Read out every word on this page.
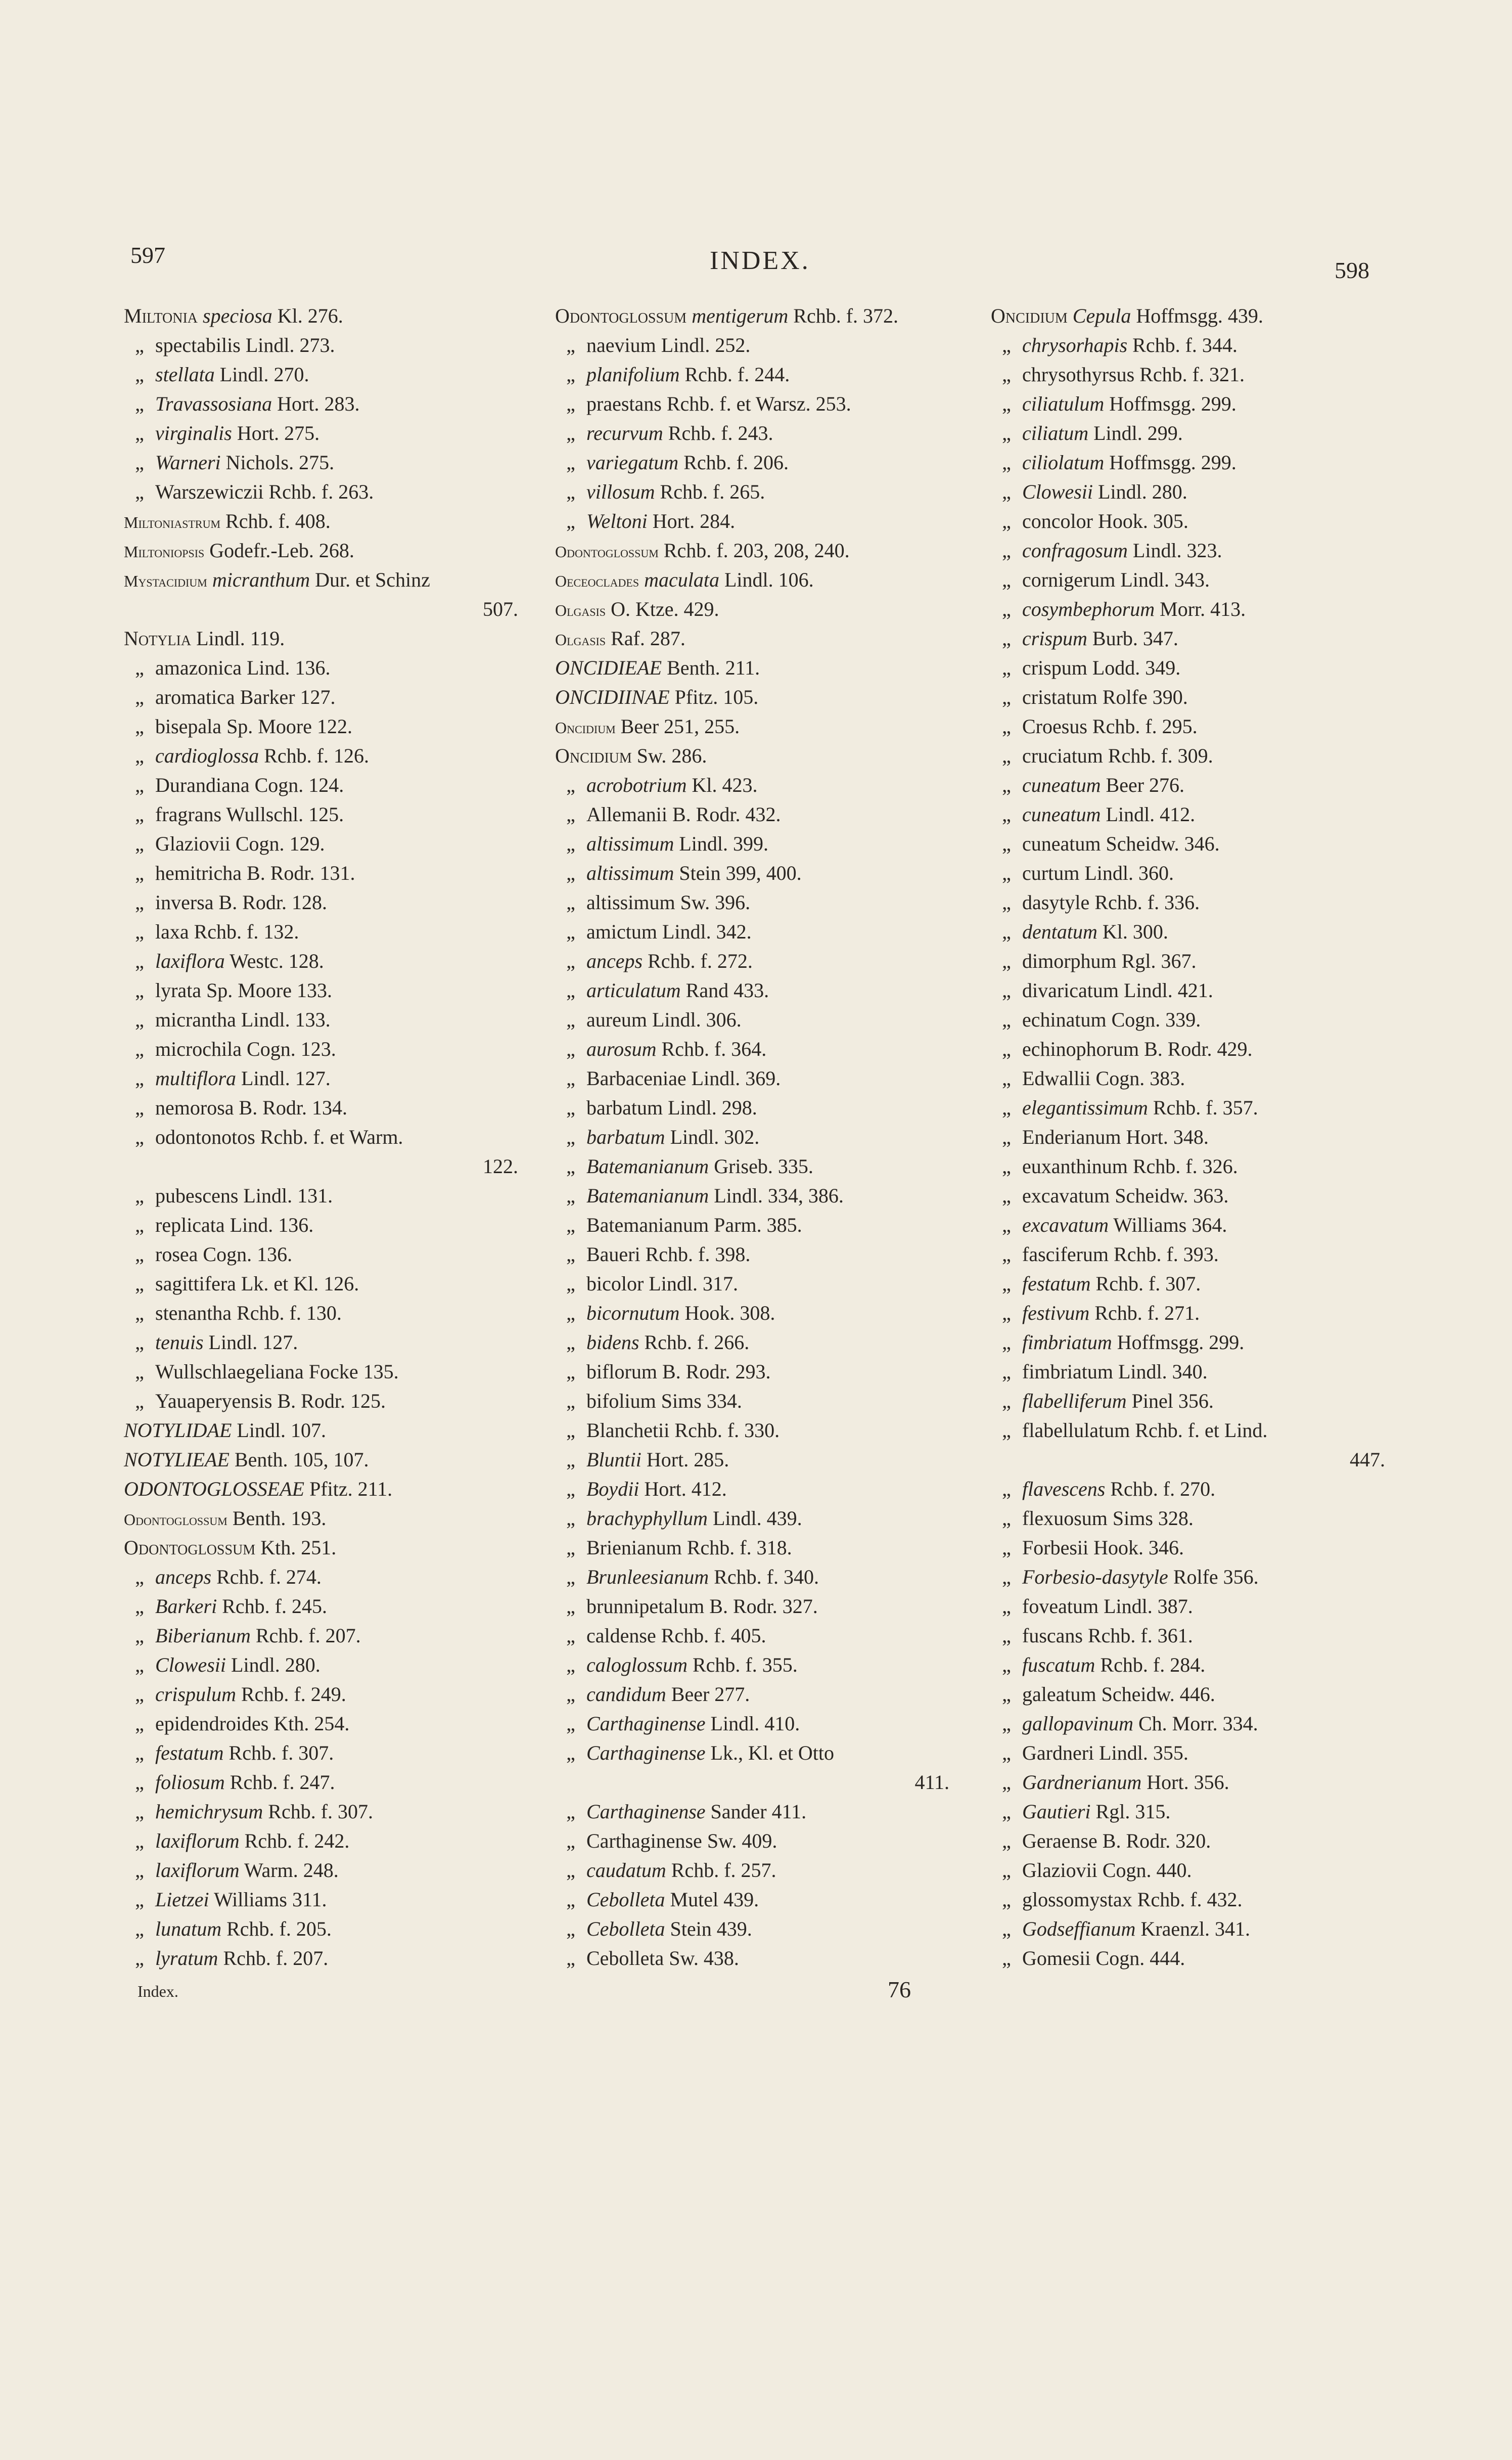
597	INDEX.	598
Miltonia speciosa Kl. 276.
„ spectabilis Lindl. 273.
„ stellata Lindl. 270.
„ Travassosiana Hort. 283.
„ virginalis Hort. 275.
„ Warneri Nichols. 275.
„ Warszewiczii Rchb. f. 263.
Miltoniastrum Rchb. f. 408.
Miltoniopsis Godefr.-Leb. 268.
Mystacidium micranthum Dur. et Schinz
507.
Notylia Lindl. 119.
„ amazonica Lind. 136.
„ aromatica Barker 127.
„ bisepala Sp. Moore 122.
„ cardioglossa Rchb. f. 126.
„ Durandiana Cogn. 124.
„ fragrans Wullschl. 125.
„ Glaziovii Cogn. 129.
„ hemitricha B. Rodr. 131.
„ inversa B. Rodr. 128.
„ laxa Rchb. f. 132.
„ laxiflora Westc. 128.
„ lyrata Sp. Moore 133.
„ micrantha Lindl. 133.
„ microchila Cogn. 123.
„ multiflora Lindl. 127.
„ nemorosa B. Rodr. 134.
„ odontonotos Rchb. f. et Warm.
122.
„ pubescens Lindl. 131.
„ replicata Lind. 136.
„ rosea Cogn. 136.
„ sagittifera Lk. et Kl. 126.
„ stenantha Rchb. f. 130.
„ tenuis Lindl. 127.
„ Wullschlaegeliana Focke 135.
„ Yauaperyensis B. Rodr. 125.
NOTYLIDAE Lindl. 107.
NOTYLIEAE Benth. 105, 107.
ODONTOGLOSSEAE Pfitz. 211.
Odontoglossum Benth. 193.
Odontoglossum Kth. 251.
„ anceps Rchb. f. 274.
„ Barkeri Rchb. f. 245.
„ Biberianum Rchb. f. 207.
„ Clowesii Lindl. 280.
„ crispulum Rchb. f. 249.
„ epidendroides Kth. 254.
„ festatum Rchb. f. 307.
„ foliosum Rchb. f. 247.
„ hemichrysum Rchb. f. 307.
„ laxiflorum Rchb. f. 242.
„ laxiflorum Warm. 248.
„ Lietzei Williams 311.
„ lunatum Rchb. f. 205.
„ lyratum Rchb. f. 207.
Odontoglossum mentigerum Rchb. f. 372.
„ naevium Lindl. 252.
„ planifolium Rchb. f. 244.
„ praestans Rchb. f. et Warsz. 253.
„ recurvum Rchb. f. 243.
„ variegatum Rchb. f. 206.
„ villosum Rchb. f. 265.
„ Weltoni Hort. 284.
Odontoglossum Rchb. f. 203, 208, 240.
Oeceoclades maculata Lindl. 106.
Olgasis O. Ktze. 429.
Olgasis Raf. 287.
ONCIDIEAE Benth. 211.
ONCIDIINAE Pfitz. 105.
Oncidium Beer 251, 255.
Oncidium Sw. 286.
„ acrobotrium Kl. 423.
„ Allemanii B. Rodr. 432.
„ altissimum Lindl. 399.
„ altissimum Stein 399, 400.
„ altissimum Sw. 396.
„ amictum Lindl. 342.
„ anceps Rchb. f. 272.
„ articulatum Rand 433.
„ aureum Lindl. 306.
„ aurosum Rchb. f. 364.
„ Barbaceniae Lindl. 369.
„ barbatum Lindl. 298.
„ barbatum Lindl. 302.
„ Batemanianum Griseb. 335.
„ Batemanianum Lindl. 334, 386.
„ Batemanianum Parm. 385.
„ Baueri Rchb. f. 398.
„ bicolor Lindl. 317.
„ bicornutum Hook. 308.
„ bidens Rchb. f. 266.
„ biflorum B. Rodr. 293.
„ bifolium Sims 334.
„ Blanchetii Rchb. f. 330.
„ Bluntii Hort. 285.
„ Boydii Hort. 412.
„ brachyphyllum Lindl. 439.
„ Brienianum Rchb. f. 318.
„ Brunleesianum Rchb. f. 340.
„ brunnipetalum B. Rodr. 327.
„ caldense Rchb. f. 405.
„ caloglossum Rchb. f. 355.
„ candidum Beer 277.
„ Carthaginense Lindl. 410.
„ Carthaginense Lk., Kl. et Otto
411.
„ Carthaginense Sander 411.
„ Carthaginense Sw. 409.
„ caudatum Rchb. f. 257.
„ Cebolleta Mutel 439.
„ Cebolleta Stein 439.
„ Cebolleta Sw. 438.
Oncidium Cepula Hoffmsgg. 439.
„ chrysorhapis Rchb. f. 344.
„ chrysothyrsus Rchb. f. 321.
„ ciliatulum Hoffmsgg. 299.
„ ciliatum Lindl. 299.
„ ciliolatum Hoffmsgg. 299.
„ Clowesii Lindl. 280.
„ concolor Hook. 305.
„ confragosum Lindl. 323.
„ cornigerum Lindl. 343.
„ cosymbephorum Morr. 413.
„ crispum Burb. 347.
„ crispum Lodd. 349.
„ cristatum Rolfe 390.
„ Croesus Rchb. f. 295.
„ cruciatum Rchb. f. 309.
„ cuneatum Beer 276.
„ cuneatum Lindl. 412.
„ cuneatum Scheidw. 346.
„ curtum Lindl. 360.
„ dasytyle Rchb. f. 336.
„ dentatum Kl. 300.
„ dimorphum Rgl. 367.
„ divaricatum Lindl. 421.
„ echinatum Cogn. 339.
„ echinophorum B. Rodr. 429.
„ Edwallii Cogn. 383.
„ elegantissimum Rchb. f. 357.
„ Enderianum Hort. 348.
„ euxanthinum Rchb. f. 326.
„ excavatum Scheidw. 363.
„ excavatum Williams 364.
„ fasciferum Rchb. f. 393.
„ festatum Rchb. f. 307.
„ festivum Rchb. f. 271.
„ fimbriatum Hoffmsgg. 299.
„ fimbriatum Lindl. 340.
„ flabelliferum Pinel 356.
„ flabellulatum Rchb. f. et Lind.
447.
„ flavescens Rchb. f. 270.
„ flexuosum Sims 328.
„ Forbesii Hook. 346.
„ Forbesio-dasytyle Rolfe 356.
„ foveatum Lindl. 387.
„ fuscans Rchb. f. 361.
„ fuscatum Rchb. f. 284.
„ galeatum Scheidw. 446.
„ gallopavinum Ch. Morr. 334.
„ Gardneri Lindl. 355.
„ Gardnerianum Hort. 356.
„ Gautieri Rgl. 315.
„ Geraense B. Rodr. 320.
„ Glaziovii Cogn. 440.
„ glossomystax Rchb. f. 432.
„ Godseffianum Kraenzl. 341.
„ Gomesii Cogn. 444.
Index.	76
